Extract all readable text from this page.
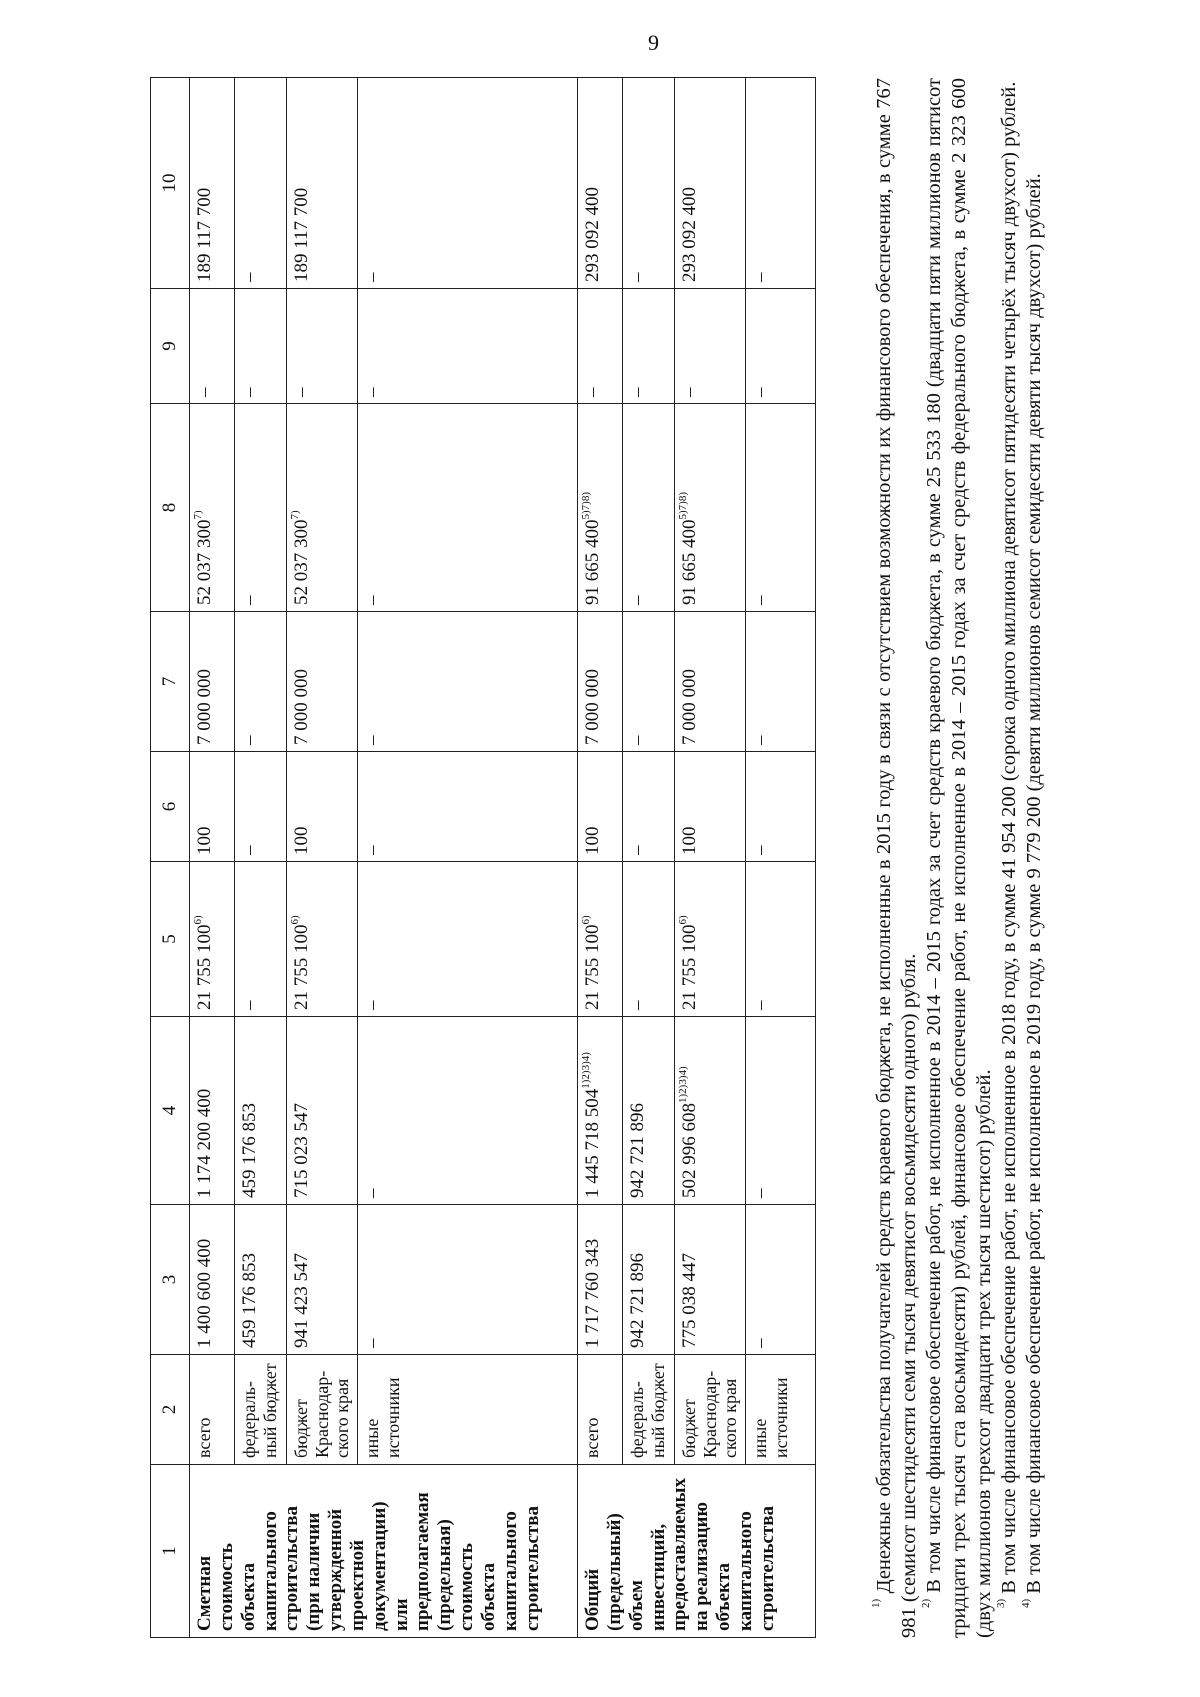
9
1	2	3	4	5	6	7	8	9	10
Сметная стоимость объекта капитального строительства (при наличии утвержденной проектной документации) или предполагаемая (предельная) стоимость объекта капитального строительства	всего	1 400 600 400	1 174 200 400	21 755 100$^{6)}$	100	7 000 000	52 037 300$^{7)}$	–	189 117 700
	федераль-ный бюджет	459 176 853	459 176 853	–	–	–	–	–	–
	бюджет Краснодар-ского края	941 423 547	715 023 547	21 755 100$^{6)}$	100	7 000 000	52 037 300$^{7)}$	–	189 117 700
	иные источники	–	–	–	–	–	–	–	–
Общий (предельный) объем инвестиций, предоставляемых на реализацию объекта капитального строительства	всего	1 717 760 343	1 445 718 $504^{1)2)3)4)}$	21 755 100$^{6)}$	100	7 000 000	91 665 $400^{5)7)8)}$	–	293 092 400
	федераль-ный бюджет	942 721 896	942 721 896	–	–	–	–	–	–
	бюджет Краснодар-ского края	775 038 447	502 996 $608^{1)2)3)4)}$	21 755 100$^{6)}$	100	7 000 000	91 665 $400^{5)7)8)}$	–	293 092 400
	иные источники	–	–	–	–	–	–	–	–

$^{1)}$ Денежные обязательства получателей средств краевого бюджета, не исполненные в 2015 году в связи с отсутствием возможности их финансового обеспечения, в сумме 767 981 (семисот шестидесяти семи тысяч девятисот восьмидесяти одного) рубля. $^{2)}$ В том числе финансовое обеспечение работ, не исполненное в 2014 – 2015 годах за счет средств краевого бюджета, в сумме 25 533 180 (двадцати пяти миллионов пятисот тридцати трех тысяч ста восьмидесяти) рублей, финансовое обеспечение работ, не исполненное в 2014 – 2015 годах за счет средств федерального бюджета, в сумме 2 323 600 (двух миллионов трехсот двадцати трех тысяч шестисот) рублей. $^{3)}$ В том числе финансовое обеспечение работ, не исполненное в 2018 году, в сумме 41 954 200 (сорока одного миллиона девятисот пятидесяти четырёх тысяч двухсот) рублей.

$^{4)}$ В том числе финансовое обеспечение работ, не исполненное в 2019 году, в сумме 9 779 200 (девяти миллионов семисот семидесяти девяти тысяч двухсот) рублей.
